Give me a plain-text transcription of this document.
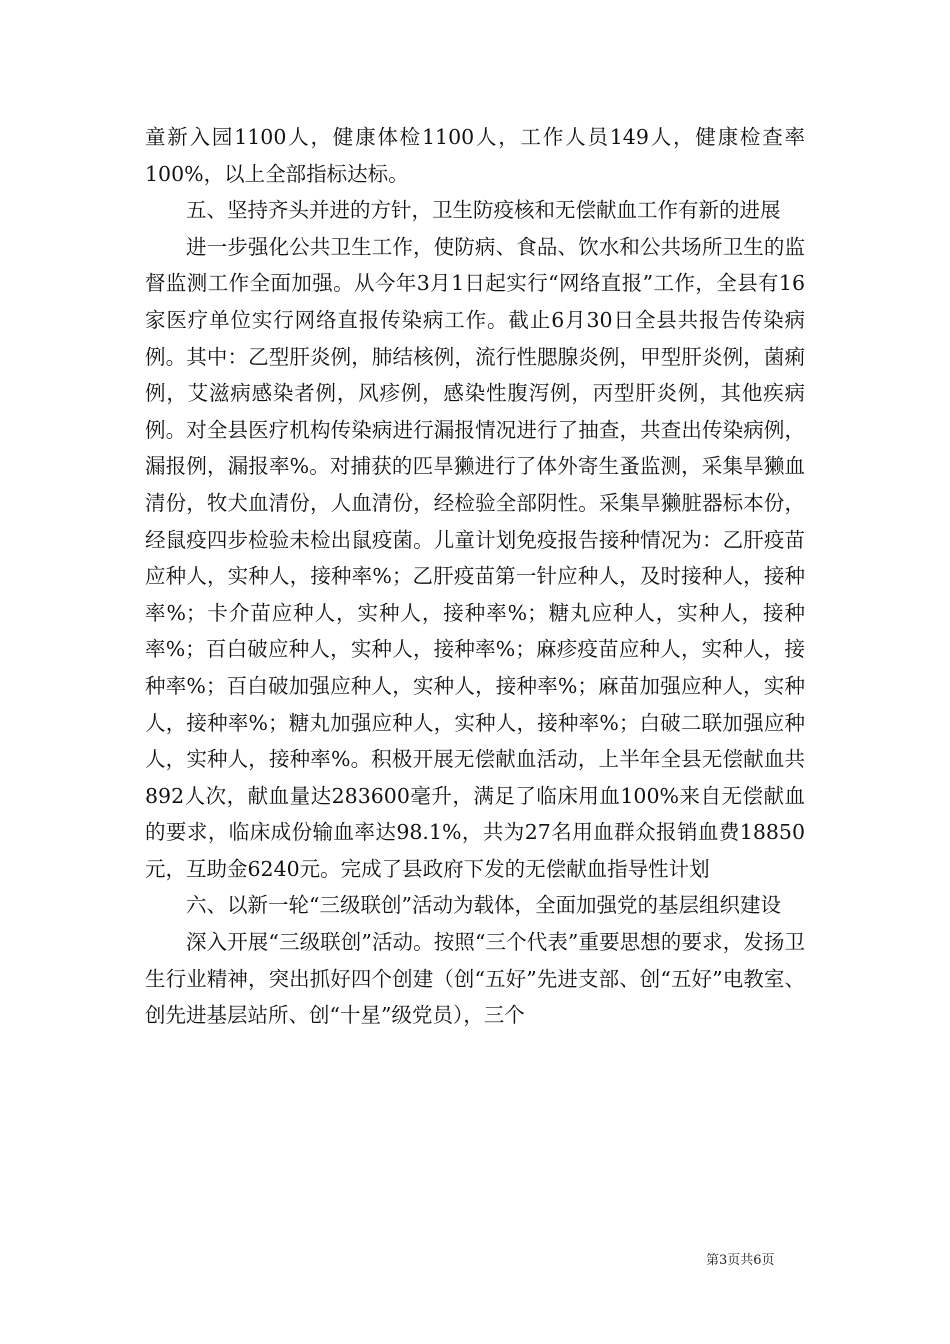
童新入园1100人，健康体检1100人，工作人员149人，健康检查率100%，以上全部指标达标。

五、坚持齐头并进的方针，卫生防疫核和无偿献血工作有新的进展

进一步强化公共卫生工作，使防病、食品、饮水和公共场所卫生的监督监测工作全面加强。从今年3月1日起实行“网络直报”工作，全县有16家医疗单位实行网络直报传染病工作。截止6月30日全县共报告传染病例。其中：乙型肝炎例，肺结核例，流行性腮腺炎例，甲型肝炎例，菌痢例，艾滋病感染者例，风疹例，感染性腹泻例，丙型肝炎例，其他疾病例。对全县医疗机构传染病进行漏报情况进行了抽查，共查出传染病例，漏报例，漏报率%。对捕获的匹旱獭进行了体外寄生蚤监测，采集旱獭血清份，牧犬血清份，人血清份，经检验全部阴性。采集旱獭脏器标本份，经鼠疫四步检验未检出鼠疫菌。儿童计划免疫报告接种情况为：乙肝疫苗应种人，实种人，接种率%；乙肝疫苗第一针应种人，及时接种人，接种率%；卡介苗应种人，实种人，接种率%；糖丸应种人，实种人，接种率%；百白破应种人，实种人，接种率%；麻疹疫苗应种人，实种人，接种率%；百白破加强应种人，实种人，接种率%；麻苗加强应种人，实种人，接种率%；糖丸加强应种人，实种人，接种率%；白破二联加强应种人，实种人，接种率%。积极开展无偿献血活动，上半年全县无偿献血共892人次，献血量达283600毫升，满足了临床用血100%来自无偿献血的要求，临床成份输血率达98.1%，共为27名用血群众报销血费18850元，互助金6240元。完成了县政府下发的无偿献血指导性计划

六、以新一轮“三级联创”活动为载体，全面加强党的基层组织建设

深入开展“三级联创”活动。按照“三个代表”重要思想的要求，发扬卫生行业精神，突出抓好四个创建（创“五好”先进支部、创“五好”电教室、创先进基层站所、创“十星”级党员），三个

第3页共6页
